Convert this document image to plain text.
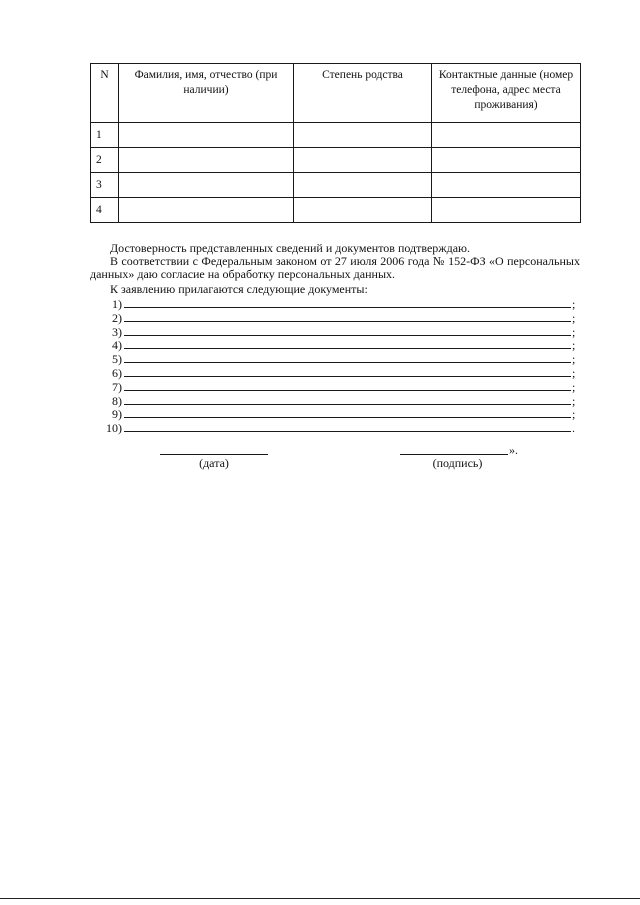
N	Фамилия, имя, отчество (при наличии)	Степень родства	Контактные данные (номер телефона, адрес места проживания)
1			
2			
3			
4			

Достоверность представленных сведений и документов подтверждаю.

В соответствии с Федеральным законом от 27 июля 2006 года № 152-ФЗ «О персональных данных» даю согласие на обработку персональных данных.

К заявлению прилагаются следующие документы:

1)	;
2)	;
3)	;
4)	;
5)	;
6)	;
7)	;
8)	;
9)	;
10)	.
(дата)
».
(подпись)
